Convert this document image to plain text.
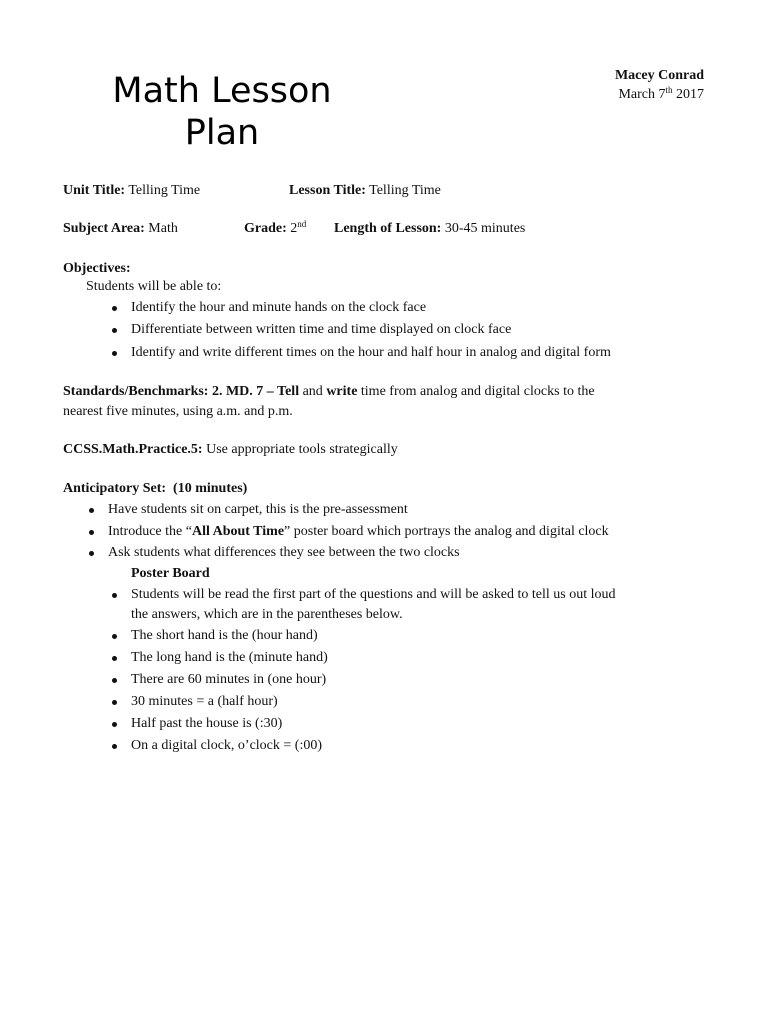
Math Lesson
Plan
Macey Conrad
March 7th 2017
Unit Title: Telling Time	Lesson Title: Telling Time
Subject Area: Math	Grade: 2nd Length of Lesson: 30-45 minutes
Objectives:
Students will be able to:
Identify the hour and minute hands on the clock face
Differentiate between written time and time displayed on clock face
Identify and write different times on the hour and half hour in analog and digital form
Standards/Benchmarks: 2. MD. 7 – Tell and write time from analog and digital clocks to the
nearest five minutes, using a.m. and p.m.
CCSS.Math.Practice.5: Use appropriate tools strategically
Anticipatory Set:  (10 minutes)
Have students sit on carpet, this is the pre-assessment
Introduce the “All About Time” poster board which portrays the analog and digital clock
Ask students what differences they see between the two clocks
Poster Board
Students will be read the first part of the questions and will be asked to tell us out loud
the answers, which are in the parentheses below.
The short hand is the (hour hand)
The long hand is the (minute hand)
There are 60 minutes in (one hour)
30 minutes = a (half hour)
Half past the house is (:30)
On a digital clock, o’clock = (:00)
